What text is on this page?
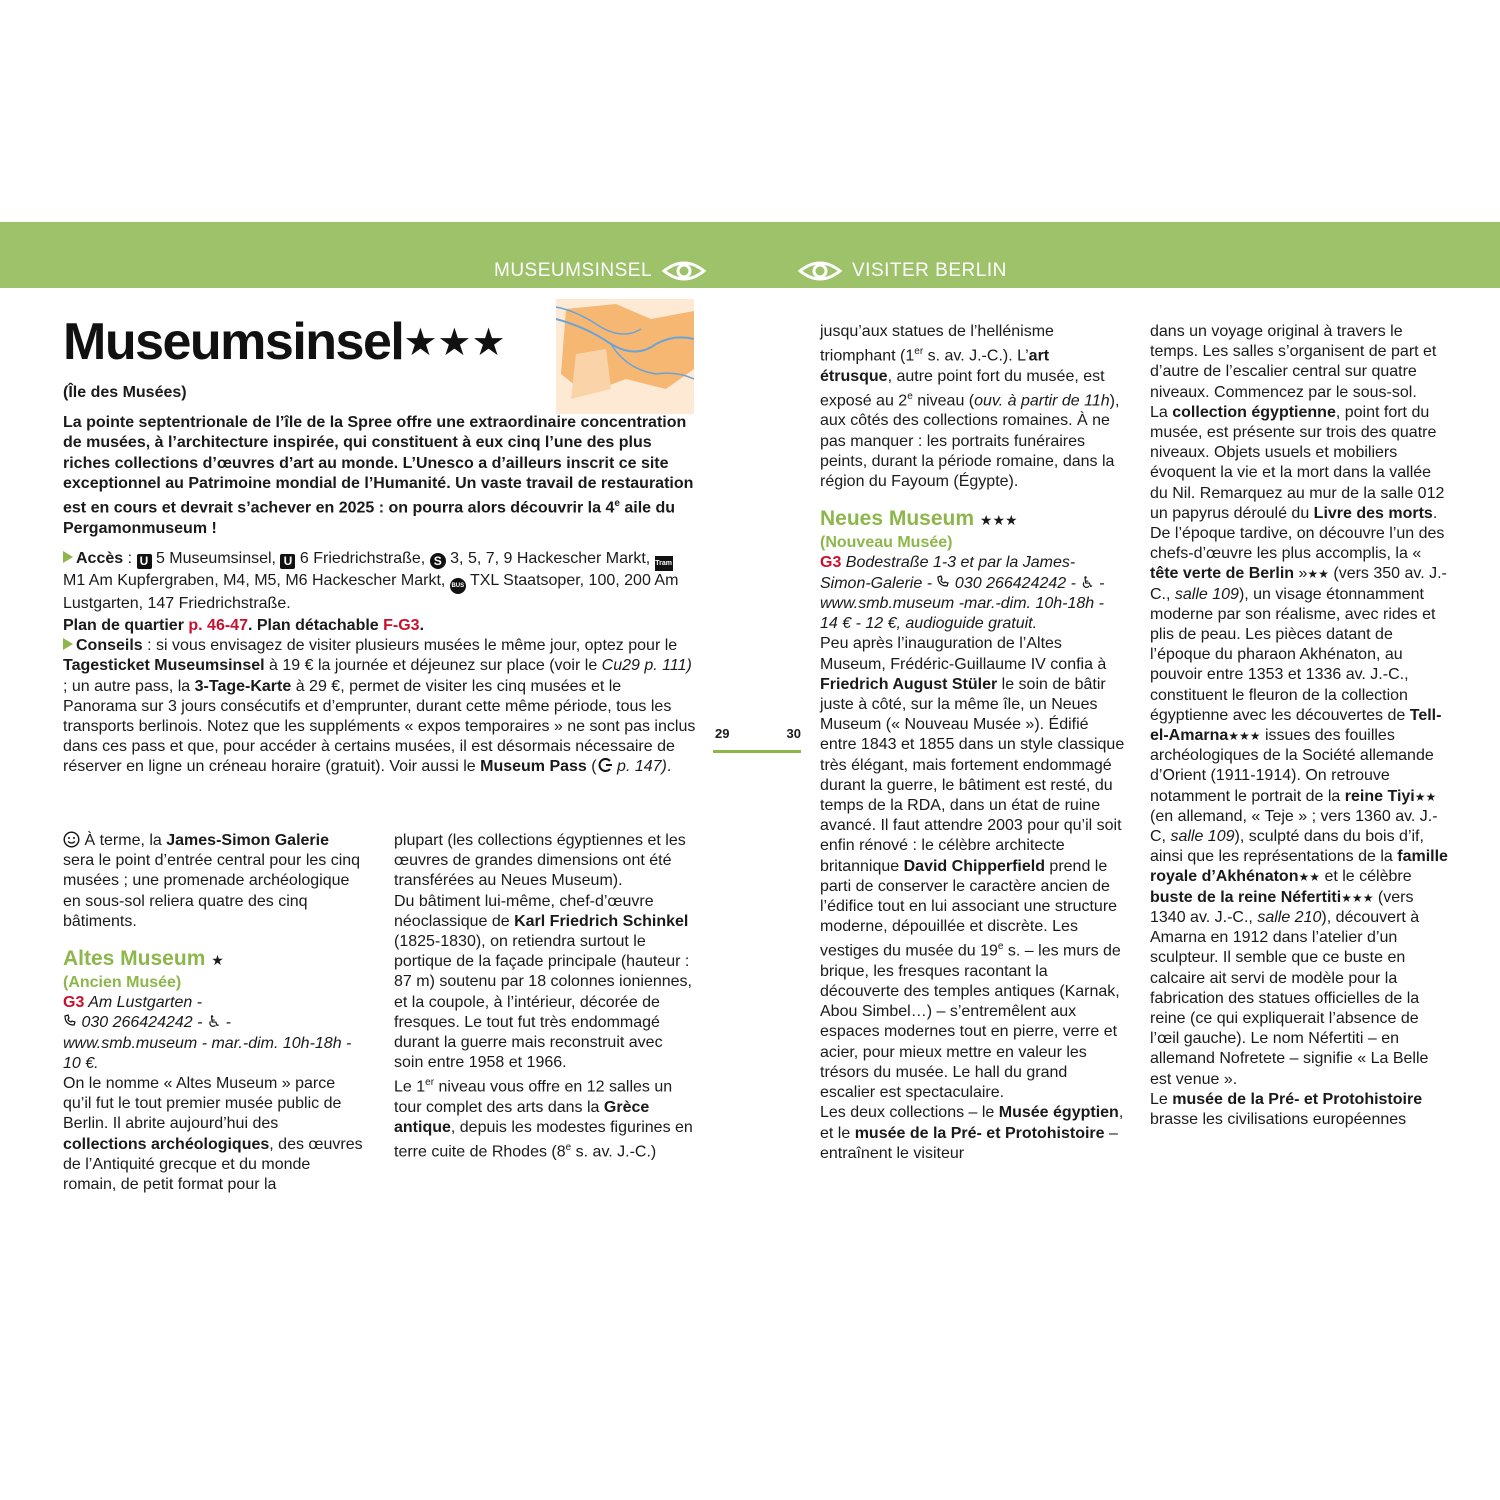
MUSEUMSINSEL	VISITER BERLIN
Museumsinsel★★★

(Île des Musées)

La pointe septentrionale de l’île de la Spree offre une extraordinaire concentration de musées, à l’architecture inspirée, qui constituent à eux cinq l’une des plus riches collections d’œuvres d’art au monde. L’Unesco a d’ailleurs inscrit ce site exceptionnel au Patrimoine mondial de l’Humanité. Un vaste travail de restauration est en cours et devrait s’achever en 2025 : on pourra alors découvrir la 4e aile du Pergamonmuseum !

Accès : U 5 Museumsinsel, U 6 Friedrichstraße, S 3, 5, 7, 9 Hackescher Markt, Tram M1 Am Kupfergraben, M4, M5, M6 Hackescher Markt, BUS TXL Staatsoper, 100, 200 Am Lustgarten, 147 Friedrichstraße.

Plan de quartier p. 46-47. Plan détachable F-G3.

Conseils : si vous envisagez de visiter plusieurs musées le même jour, optez pour le Tagesticket Museumsinsel à 19 € la journée et déjeunez sur place (voir le Cu29 p. 111) ; un autre pass, la 3-Tage-Karte à 29 €, permet de visiter les cinq musées et le Panorama sur 3 jours consécutifs et d’emprunter, durant cette même période, tous les transports berlinois. Notez que les suppléments « expos temporaires » ne sont pas inclus dans ces pass et que, pour accéder à certains musées, il est désormais nécessaire de réserver en ligne un créneau horaire (gratuit). Voir aussi le Museum Pass ( p. 147).

29	30

À terme, la James-Simon Galerie sera le point d’entrée central pour les cinq musées ; une promenade archéologique en sous-sol reliera quatre des cinq bâtiments.

Altes Museum ★

(Ancien Musée)

G3 Am Lustgarten -
030 266424242 - ♿ - www.smb.museum - mar.-dim. 10h-18h - 10 €.

On le nomme « Altes Museum » parce qu’il fut le tout premier musée public de Berlin. Il abrite aujourd’hui des collections archéologiques, des œuvres de l’Antiquité grecque et du monde romain, de petit format pour la

plupart (les collections égyptiennes et les œuvres de grandes dimensions ont été transférées au Neues Museum).

Du bâtiment lui-même, chef-d’œuvre néoclassique de Karl Friedrich Schinkel (1825-1830), on retiendra surtout le portique de la façade principale (hauteur : 87 m) soutenu par 18 colonnes ioniennes, et la coupole, à l’intérieur, décorée de fresques. Le tout fut très endommagé durant la guerre mais reconstruit avec soin entre 1958 et 1966.

Le 1er niveau vous offre en 12 salles un tour complet des arts dans la Grèce antique, depuis les modestes figurines en terre cuite de Rhodes (8e s. av. J.-C.)

jusqu’aux statues de l’hellénisme triomphant (1er s. av. J.-C.). L’art étrusque, autre point fort du musée, est exposé au 2e niveau (ouv. à partir de 11h), aux côtés des collections romaines. À ne pas manquer : les portraits funéraires peints, durant la période romaine, dans la région du Fayoum (Égypte).

Neues Museum ★★★

(Nouveau Musée)

G3 Bodestraße 1-3 et par la James-Simon-Galerie -  030 266424242 - ♿ - www.smb.museum -mar.-dim. 10h-18h - 14 € - 12 €, audioguide gratuit.

Peu après l’inauguration de l’Altes Museum, Frédéric-Guillaume IV confia à Friedrich August Stüler le soin de bâtir juste à côté, sur la même île, un Neues Museum (« Nouveau Musée »). Édifié entre 1843 et 1855 dans un style classique très élégant, mais fortement endommagé durant la guerre, le bâtiment est resté, du temps de la RDA, dans un état de ruine avancé. Il faut attendre 2003 pour qu’il soit enfin rénové : le célèbre architecte britannique David Chipperfield prend le parti de conserver le caractère ancien de l’édifice tout en lui associant une structure moderne, dépouillée et discrète. Les vestiges du musée du 19e s. – les murs de brique, les fresques racontant la découverte des temples antiques (Karnak, Abou Simbel…) – s’entremêlent aux espaces modernes tout en pierre, verre et acier, pour mieux mettre en valeur les trésors du musée. Le hall du grand escalier est spectaculaire.

Les deux collections – le Musée égyptien, et le musée de la Pré- et Protohistoire – entraînent le visiteur

dans un voyage original à travers le temps. Les salles s’organisent de part et d’autre de l’escalier central sur quatre niveaux. Commencez par le sous-sol.

La collection égyptienne, point fort du musée, est présente sur trois des quatre niveaux. Objets usuels et mobiliers évoquent la vie et la mort dans la vallée du Nil. Remarquez au mur de la salle 012 un papyrus déroulé du Livre des morts. De l’époque tardive, on découvre l’un des chefs-d’œuvre les plus accomplis, la « tête verte de Berlin »★★ (vers 350 av. J.-C., salle 109), un visage étonnamment moderne par son réalisme, avec rides et plis de peau. Les pièces datant de l’époque du pharaon Akhénaton, au pouvoir entre 1353 et 1336 av. J.-C., constituent le fleuron de la collection égyptienne avec les découvertes de Tell-el-Amarna★★★ issues des fouilles archéologiques de la Société allemande d’Orient (1911-1914). On retrouve notamment le portrait de la reine Tiyi★★ (en allemand, « Teje » ; vers 1360 av. J.-C, salle 109), sculpté dans du bois d’if, ainsi que les représentations de la famille royale d’Akhénaton★★ et le célèbre buste de la reine Néfertiti★★★ (vers 1340 av. J.-C., salle 210), découvert à Amarna en 1912 dans l’atelier d’un sculpteur. Il semble que ce buste en calcaire ait servi de modèle pour la fabrication des statues officielles de la reine (ce qui expliquerait l’absence de l’œil gauche). Le nom Néfertiti – en allemand Nofretete – signifie « La Belle est venue ».

Le musée de la Pré- et Protohistoire brasse les civilisations européennes
